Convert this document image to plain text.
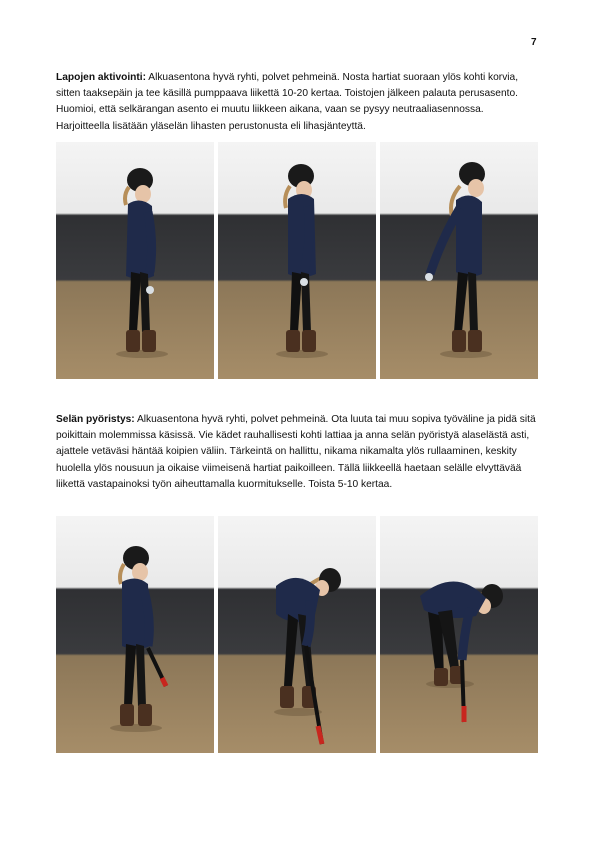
7

Lapojen aktivointi: Alkuasentona hyvä ryhti, polvet pehmeinä. Nosta hartiat suoraan ylös kohti korvia, sitten taaksepäin ja tee käsillä pumppaava liikettä 10-20 kertaa. Toistojen jälkeen palauta perusasento. Huomioi, että selkärangan asento ei muutu liikkeen aikana, vaan se pysyy neutraaliasennossa. Harjoitteella lisätään yläselän lihasten perustonusta eli lihasjänteyttä.

Selän pyöristys: Alkuasentona hyvä ryhti, polvet pehmeinä. Ota luuta tai muu sopiva työväline ja pidä sitä poikittain molemmissa käsissä. Vie kädet rauhallisesti kohti lattiaa ja anna selän pyöristyä alaselästä asti, ajattele vetäväsi häntää koipien väliin. Tärkeintä on hallittu, nikama nikamalta ylös rullaaminen, keskity huolella ylös nousuun ja oikaise viimeisenä hartiat paikoilleen. Tällä liikkeellä haetaan selälle elvyttävää liikettä vastapainoksi työn aiheuttamalla kuormitukselle. Toista 5-10 kertaa.
